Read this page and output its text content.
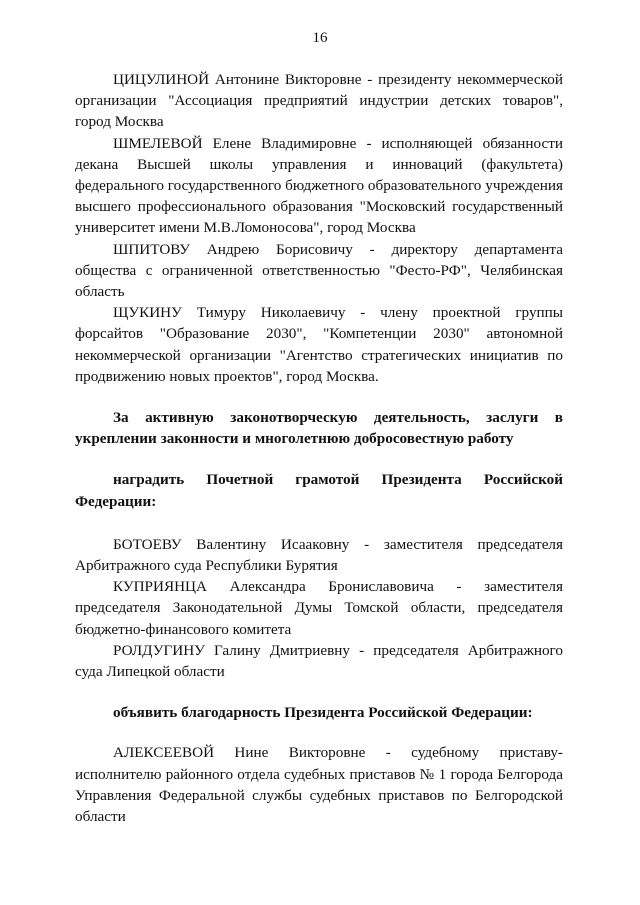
16

ЦИЦУЛИНОЙ Антонине Викторовне - президенту некоммерческой организации "Ассоциация предприятий индустрии детских товаров", город Москва

ШМЕЛЕВОЙ Елене Владимировне - исполняющей обязанности декана Высшей школы управления и инноваций (факультета) федерального государственного бюджетного образовательного учреждения высшего профессионального образования "Московский государственный университет имени М.В.Ломоносова", город Москва

ШПИТОВУ Андрею Борисовичу - директору департамента общества с ограниченной ответственностью "Фесто-РФ", Челябинская область

ЩУКИНУ Тимуру Николаевичу - члену проектной группы форсайтов "Образование 2030", "Компетенции 2030" автономной некоммерческой организации "Агентство стратегических инициатив по продвижению новых проектов", город Москва.

За активную законотворческую деятельность, заслуги в укреплении законности и многолетнюю добросовестную работу

наградить Почетной грамотой Президента Российской Федерации:

БОТОЕВУ Валентину Исааковну - заместителя председателя Арбитражного суда Республики Бурятия

КУПРИЯНЦА Александра Брониславовича - заместителя председателя Законодательной Думы Томской области, председателя бюджетно-финансового комитета

РОЛДУГИНУ Галину Дмитриевну - председателя Арбитражного суда Липецкой области

объявить благодарность Президента Российской Федерации:

АЛЕКСЕЕВОЙ Нине Викторовне - судебному приставу-исполнителю районного отдела судебных приставов № 1 города Белгорода Управления Федеральной службы судебных приставов по Белгородской области
